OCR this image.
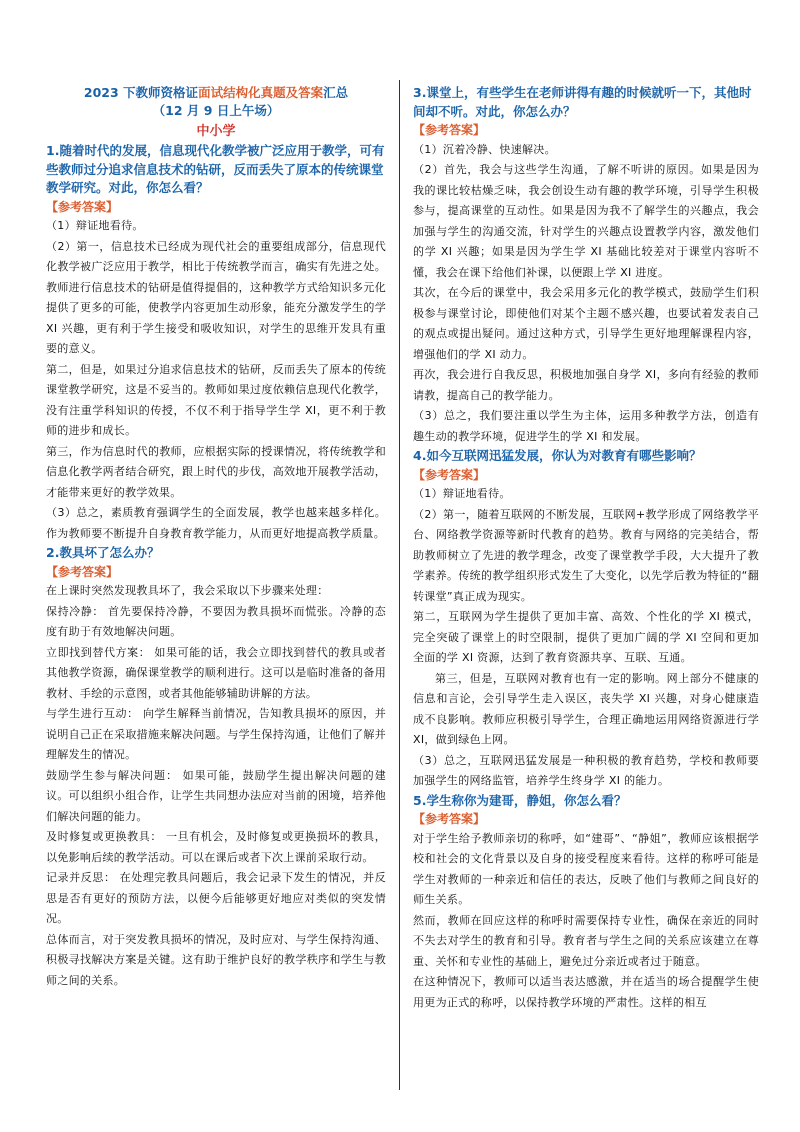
2023 下教师资格证面试结构化真题及答案汇总

（12 月 9 日上午场）

中小学

1.随着时代的发展，信息现代化教学被广泛应用于教学，可有些教师过分追求信息技术的钻研，反而丢失了原本的传统课堂教学研究。对此，你怎么看？

【参考答案】

（1）辩证地看待。

（2）第一，信息技术已经成为现代社会的重要组成部分，信息现代化教学被广泛应用于教学，相比于传统教学而言，确实有先进之处。教师进行信息技术的钻研是值得提倡的，这种教学方式给知识多元化提供了更多的可能，使教学内容更加生动形象，能充分激发学生的学 XI 兴趣，更有利于学生接受和吸收知识，对学生的思维开发具有重要的意义。

第二，但是，如果过分追求信息技术的钻研，反而丢失了原本的传统课堂教学研究，这是不妥当的。教师如果过度依赖信息现代化教学，没有注重学科知识的传授，不仅不利于指导学生学 XI，更不利于教师的进步和成长。

第三，作为信息时代的教师，应根据实际的授课情况，将传统教学和信息化教学两者结合研究，跟上时代的步伐，高效地开展教学活动，才能带来更好的教学效果。

（3）总之，素质教育强调学生的全面发展，教学也越来越多样化。作为教师要不断提升自身教育教学能力，从而更好地提高教学质量。

2.教具坏了怎么办？

【参考答案】

在上课时突然发现教具坏了，我会采取以下步骤来处理：

保持冷静： 首先要保持冷静，不要因为教具损坏而慌张。冷静的态度有助于有效地解决问题。

立即找到替代方案： 如果可能的话，我会立即找到替代的教具或者其他教学资源，确保课堂教学的顺利进行。这可以是临时准备的备用教材、手绘的示意图，或者其他能够辅助讲解的方法。

与学生进行互动： 向学生解释当前情况，告知教具损坏的原因，并说明自己正在采取措施来解决问题。与学生保持沟通，让他们了解并理解发生的情况。

鼓励学生参与解决问题： 如果可能，鼓励学生提出解决问题的建议。可以组织小组合作，让学生共同想办法应对当前的困境，培养他们解决问题的能力。

及时修复或更换教具： 一旦有机会，及时修复或更换损坏的教具，以免影响后续的教学活动。可以在课后或者下次上课前采取行动。

记录并反思： 在处理完教具问题后，我会记录下发生的情况，并反思是否有更好的预防方法，以便今后能够更好地应对类似的突发情况。

总体而言，对于突发教具损坏的情况，及时应对、与学生保持沟通、积极寻找解决方案是关键。这有助于维护良好的教学秩序和学生与教师之间的关系。

3.课堂上，有些学生在老师讲得有趣的时候就听一下，其他时间却不听。对此，你怎么办？

【参考答案】

（1）沉着冷静、快速解决。

（2）首先，我会与这些学生沟通，了解不听讲的原因。如果是因为我的课比较枯燥乏味，我会创设生动有趣的教学环境，引导学生积极参与，提高课堂的互动性。如果是因为我不了解学生的兴趣点，我会加强与学生的沟通交流，针对学生的兴趣点设置教学内容，激发他们的学 XI 兴趣；如果是因为学生学 XI 基础比较差对于课堂内容听不懂，我会在课下给他们补课，以便跟上学 XI 进度。

其次，在今后的课堂中，我会采用多元化的教学模式，鼓励学生们积极参与课堂讨论，即使他们对某个主题不感兴趣，也要试着发表自己的观点或提出疑问。通过这种方式，引导学生更好地理解课程内容，增强他们的学 XI 动力。

再次，我会进行自我反思，积极地加强自身学 XI，多向有经验的教师请教，提高自己的教学能力。

（3）总之，我们要注重以学生为主体，运用多种教学方法，创造有趣生动的教学环境，促进学生的学 XI 和发展。

4.如今互联网迅猛发展，你认为对教育有哪些影响？

【参考答案】

（1）辩证地看待。

（2）第一，随着互联网的不断发展，互联网+教学形成了网络教学平台、网络教学资源等新时代教育的趋势。教育与网络的完美结合，帮助教师树立了先进的教学理念，改变了课堂教学手段，大大提升了教学素养。传统的教学组织形式发生了大变化，以先学后教为特征的“翻转课堂”真正成为现实。

第二，互联网为学生提供了更加丰富、高效、个性化的学 XI 模式，完全突破了课堂上的时空限制，提供了更加广阔的学 XI 空间和更加全面的学 XI 资源，达到了教育资源共享、互联、互通。

第三，但是，互联网对教育也有一定的影响。网上部分不健康的信息和言论，会引导学生走入误区，丧失学 XI 兴趣，对身心健康造成不良影响。教师应积极引导学生，合理正确地运用网络资源进行学 XI，做到绿色上网。

（3）总之，互联网迅猛发展是一种积极的教育趋势，学校和教师要加强学生的网络监管，培养学生终身学 XI 的能力。

5.学生称你为建哥，静姐，你怎么看？

【参考答案】

对于学生给予教师亲切的称呼，如“建哥”、“静姐”，教师应该根据学校和社会的文化背景以及自身的接受程度来看待。这样的称呼可能是学生对教师的一种亲近和信任的表达，反映了他们与教师之间良好的师生关系。

然而，教师在回应这样的称呼时需要保持专业性，确保在亲近的同时不失去对学生的教育和引导。教育者与学生之间的关系应该建立在尊重、关怀和专业性的基础上，避免过分亲近或者过于随意。

在这种情况下，教师可以适当表达感激，并在适当的场合提醒学生使用更为正式的称呼，以保持教学环境的严肃性。这样的相互
